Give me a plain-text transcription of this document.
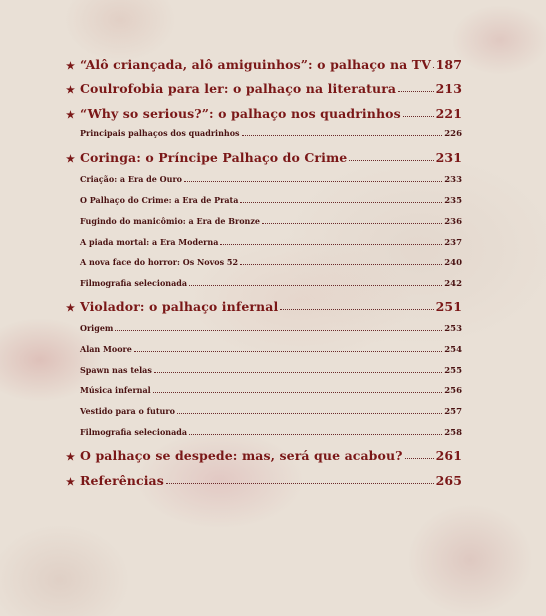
★ “Alô criançada, alô amiguinhos”: o palhaço na TV 187
★ Coulrofobia para ler: o palhaço na literatura	213
★ “Why so serious?”: o palhaço nos quadrinhos	221
Principais palhaços dos quadrinhos	226
★ Coringa: o Príncipe Palhaço do Crime	231
Criação: a Era de Ouro	233
O Palhaço do Crime: a Era de Prata	235
Fugindo do manicômio: a Era de Bronze	236
A piada mortal: a Era Moderna	237
A nova face do horror: Os Novos 52	240
Filmografia selecionada	242
★ Violador: o palhaço infernal	251
Origem	253
Alan Moore	254
Spawn nas telas	255
Música infernal	256
Vestido para o futuro	257
Filmografia selecionada	258
★ O palhaço se despede: mas, será que acabou?	261
★ Referências	265
